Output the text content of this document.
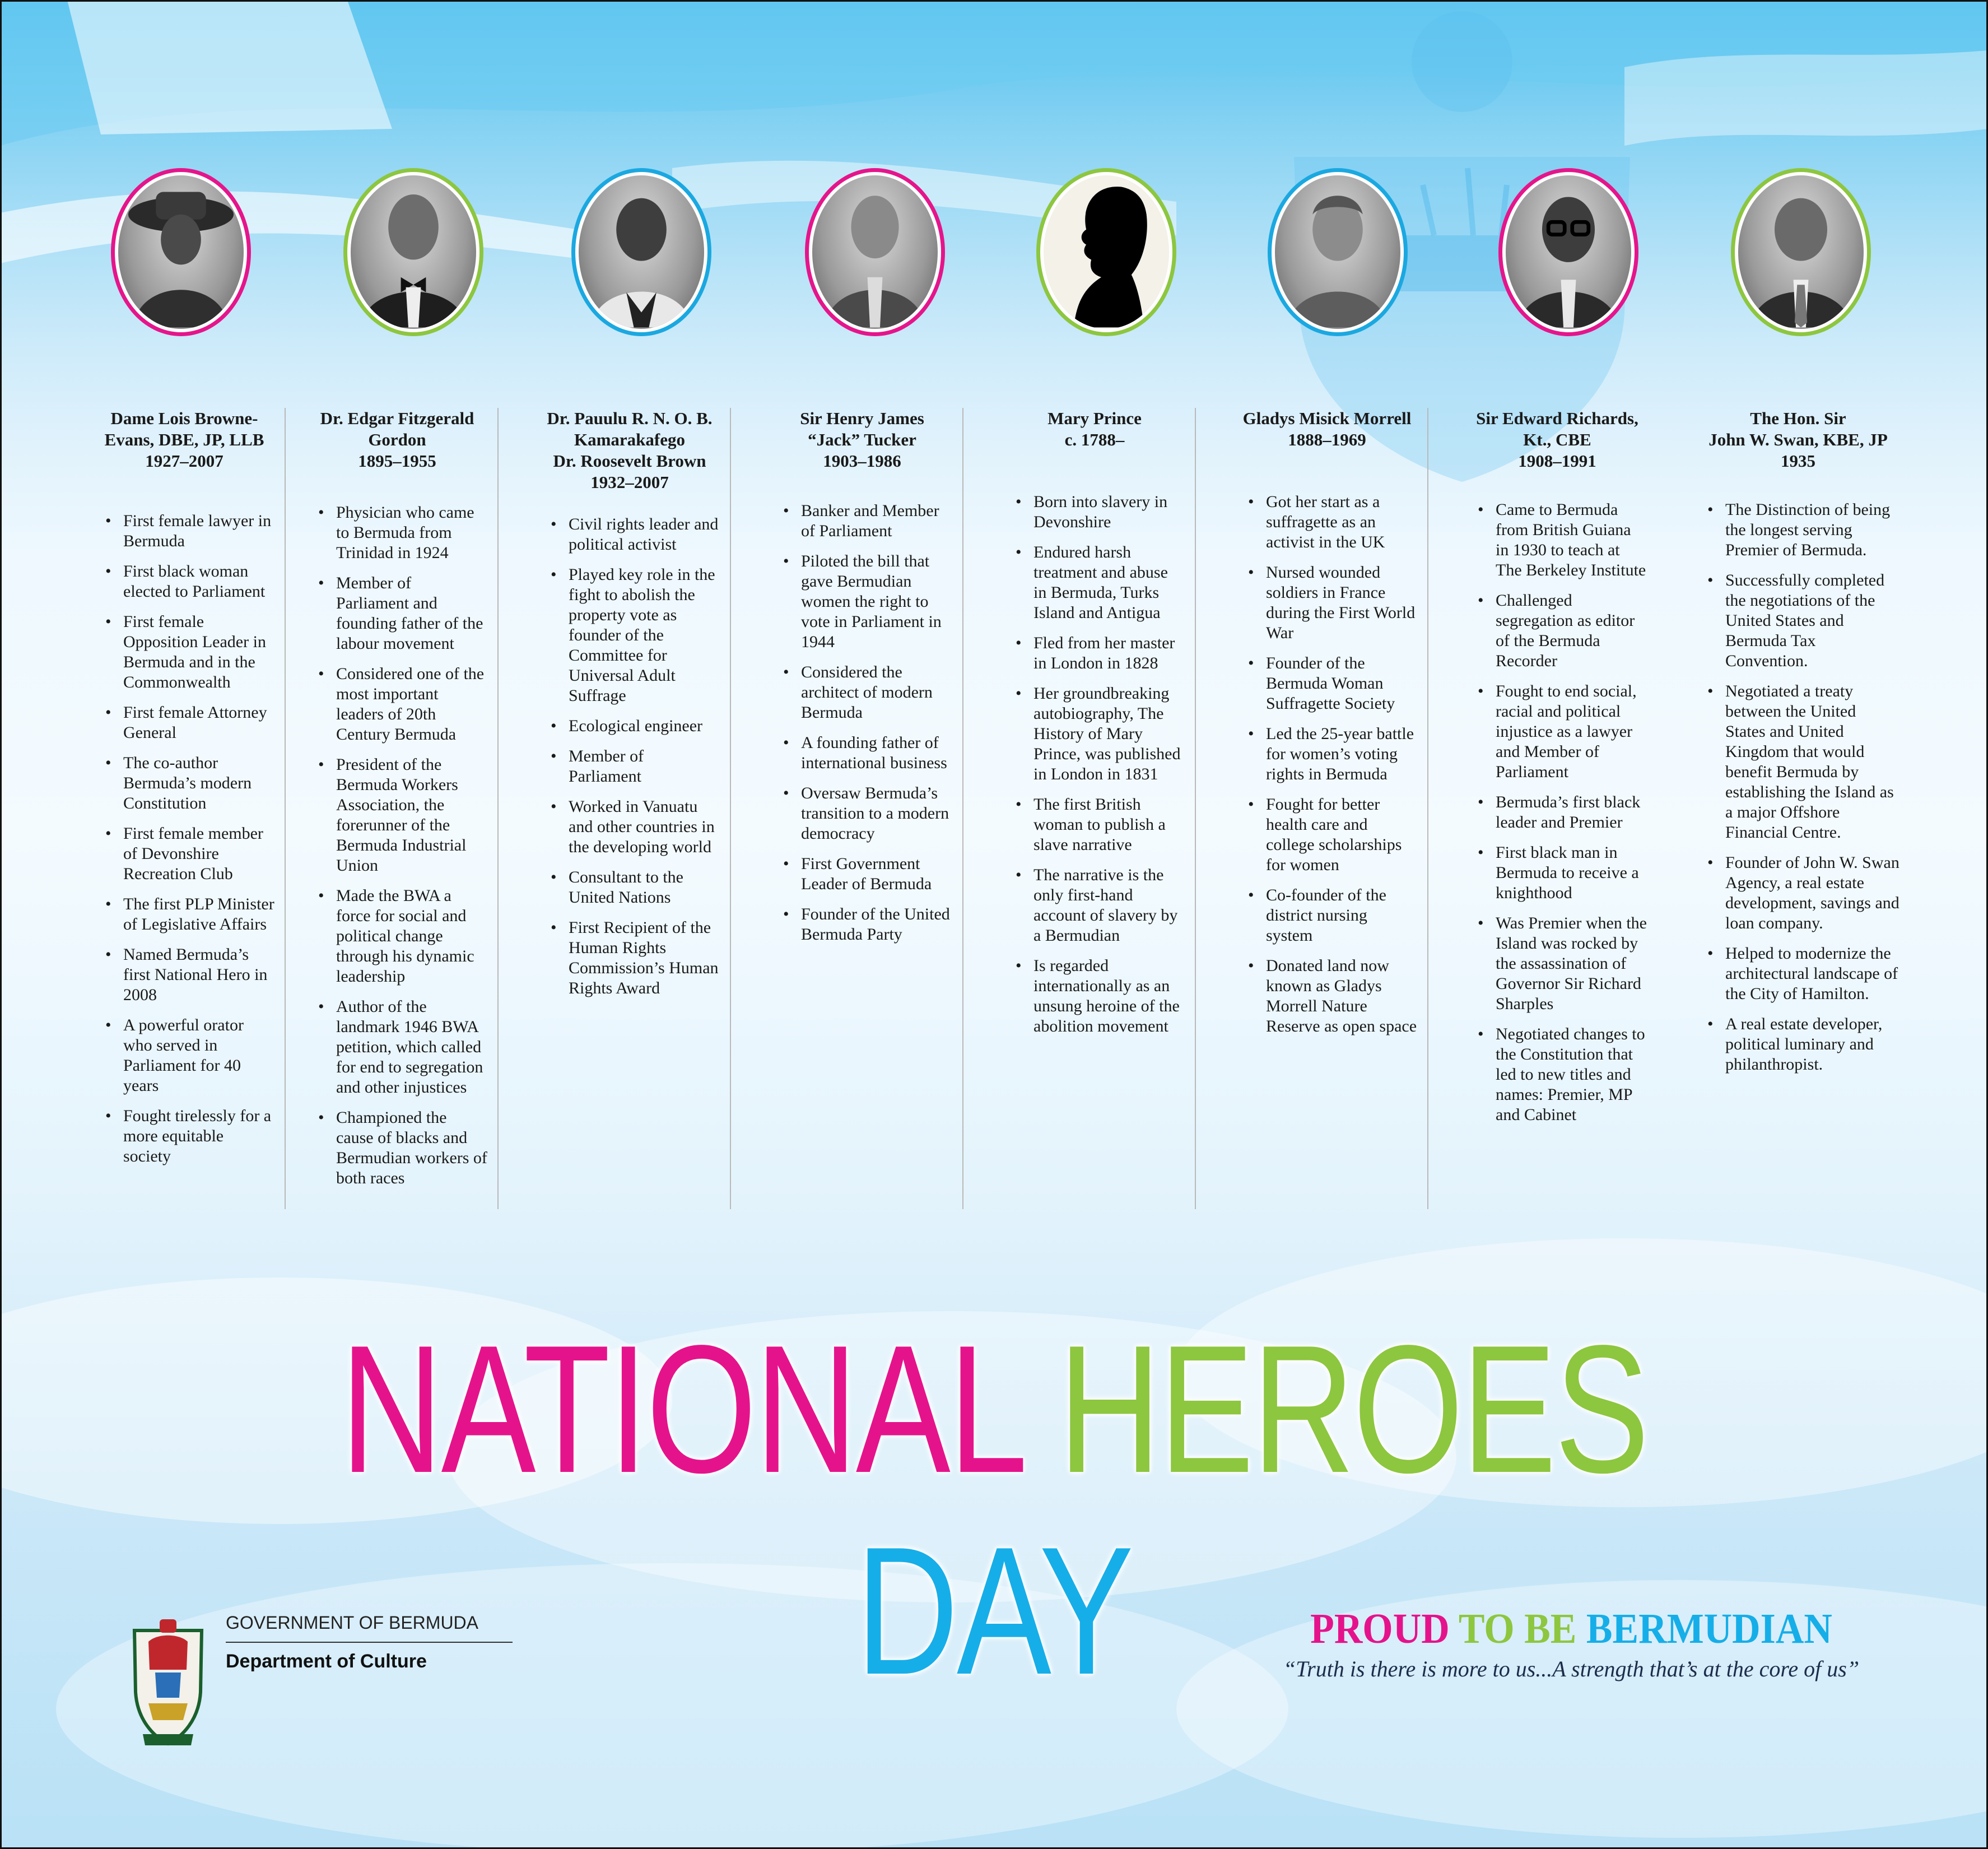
Dame Lois Browne-
Evans, DBE, JP, LLB
1927–2007
• First female lawyer in Bermuda
• First black woman elected to Parliament
• First female Opposition Leader in Bermuda and in the Commonwealth
• First female Attorney General
• The co-author Bermuda’s modern Constitution
• First female member of Devonshire Recreation Club
• The first PLP Minister of Legislative Affairs
• Named Bermuda’s first National Hero in 2008
• A powerful orator who served in Parliament for 40 years
• Fought tirelessly for a more equitable society
Dr. Edgar Fitzgerald
Gordon
1895–1955
• Physician who came to Bermuda from Trinidad in 1924
• Member of Parliament and founding father of the labour movement
• Considered one of the most important leaders of 20th Century Bermuda
• President of the Bermuda Workers Association, the forerunner of the Bermuda Industrial Union
• Made the BWA a force for social and political change through his dynamic leadership
• Author of the landmark 1946 BWA petition, which called for end to segregation and other injustices
• Championed the cause of blacks and Bermudian workers of both races
Dr. Pauulu R. N. O. B.
Kamarakafego
Dr. Roosevelt Brown
1932–2007
• Civil rights leader and political activist
• Played key role in the fight to abolish the property vote as founder of the Committee for Universal Adult Suffrage
• Ecological engineer
• Member of Parliament
• Worked in Vanuatu and other countries in the developing world
• Consultant to the United Nations
• First Recipient of the Human Rights Commission’s Human Rights Award
Sir Henry James
“Jack” Tucker
1903–1986
• Banker and Member of Parliament
• Piloted the bill that gave Bermudian women the right to vote in Parliament in 1944
• Considered the architect of modern Bermuda
• A founding father of international business
• Oversaw Bermuda’s transition to a modern democracy
• First Government Leader of Bermuda
• Founder of the United Bermuda Party
Mary Prince
c. 1788–
• Born into slavery in Devonshire
• Endured harsh treatment and abuse in Bermuda, Turks Island and Antigua
• Fled from her master in London in 1828
• Her groundbreaking autobiography, The History of Mary Prince, was published in London in 1831
• The first British woman to publish a slave narrative
• The narrative is the only first-hand account of slavery by a Bermudian
• Is regarded internationally as an unsung heroine of the abolition movement
Gladys Misick Morrell
1888–1969
• Got her start as a suffragette as an activist in the UK
• Nursed wounded soldiers in France during the First World War
• Founder of the Bermuda Woman Suffragette Society
• Led the 25-year battle for women’s voting rights in Bermuda
• Fought for better health care and college scholarships for women
• Co-founder of the district nursing system
• Donated land now known as Gladys Morrell Nature Reserve as open space
Sir Edward Richards,
Kt., CBE
1908–1991
• Came to Bermuda from British Guiana in 1930 to teach at The Berkeley Institute
• Challenged segregation as editor of the Bermuda Recorder
• Fought to end social, racial and political injustice as a lawyer and Member of Parliament
• Bermuda’s first black leader and Premier
• First black man in Bermuda to receive a knighthood
• Was Premier when the Island was rocked by the assassination of Governor Sir Richard Sharples
• Negotiated changes to the Constitution that led to new titles and names: Premier, MP and Cabinet
The Hon. Sir
John W. Swan, KBE, JP
1935
• The Distinction of being the longest serving Premier of Bermuda.
• Successfully completed the negotiations of the United States and Bermuda Tax Convention.
• Negotiated a treaty between the United States and United Kingdom that would benefit Bermuda by establishing the Island as a major Offshore Financial Centre.
• Founder of John W. Swan Agency, a real estate development, savings and loan company.
• Helped to modernize the architectural landscape of the City of Hamilton.
• A real estate developer, political luminary and philanthropist.
NATIONAL HEROES DAY
GOVERNMENT OF BERMUDA
Department of Culture
PROUD TO BE BERMUDIAN
“Truth is there is more to us...A strength that’s at the core of us”
